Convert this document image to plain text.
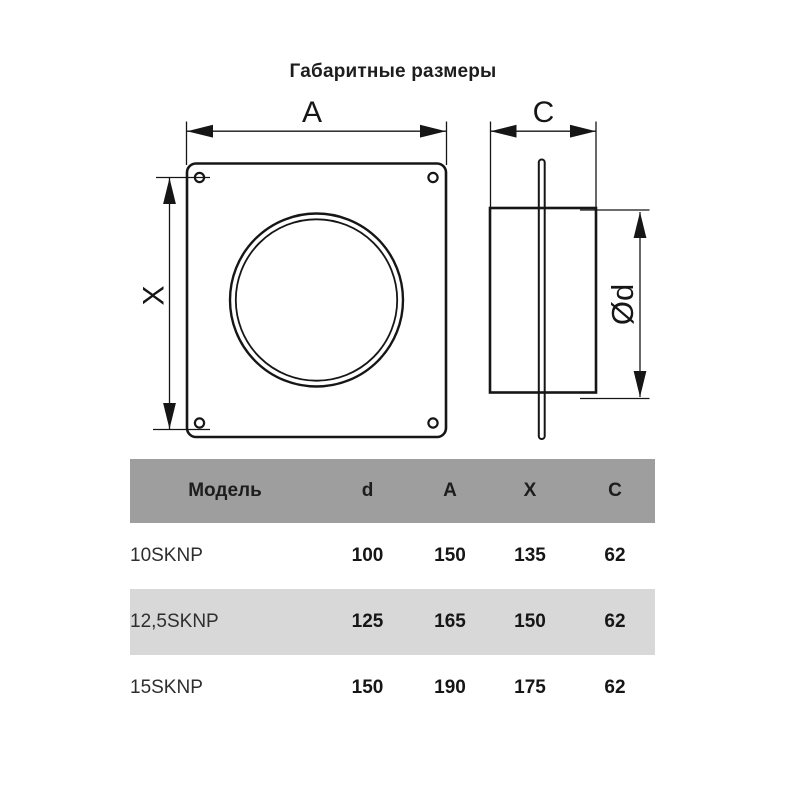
Габаритные размеры
A
X
C
Ød
Модель	d	A	X	C
10SKNP	100	150	135	62
12,5SKNP	125	165	150	62
15SKNP	150	190	175	62
